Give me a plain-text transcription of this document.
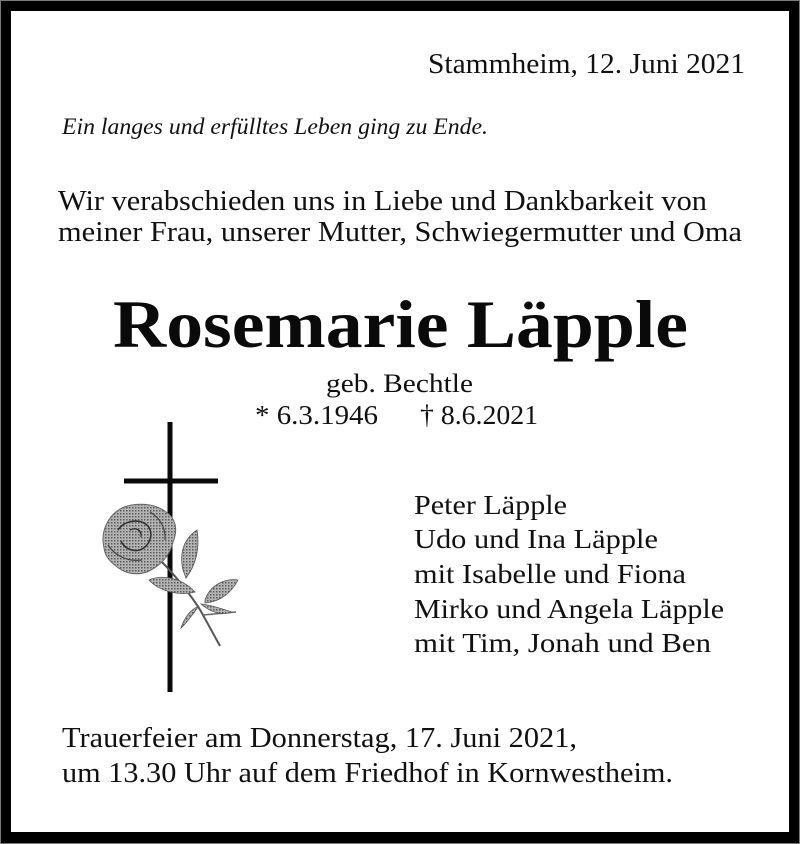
Stammheim, 12. Juni 2021
Ein langes und erfülltes Leben ging zu Ende.
Wir verabschieden uns in Liebe und Dankbarkeit von
meiner Frau, unserer Mutter, Schwiegermutter und Oma
Rosemarie Läpple
geb. Bechtle
* 6.3.1946 † 8.6.2021
Peter Läpple
Udo und Ina Läpple
mit Isabelle und Fiona
Mirko und Angela Läpple
mit Tim, Jonah und Ben
Trauerfeier am Donnerstag, 17. Juni 2021,
um 13.30 Uhr auf dem Friedhof in Kornwestheim.
